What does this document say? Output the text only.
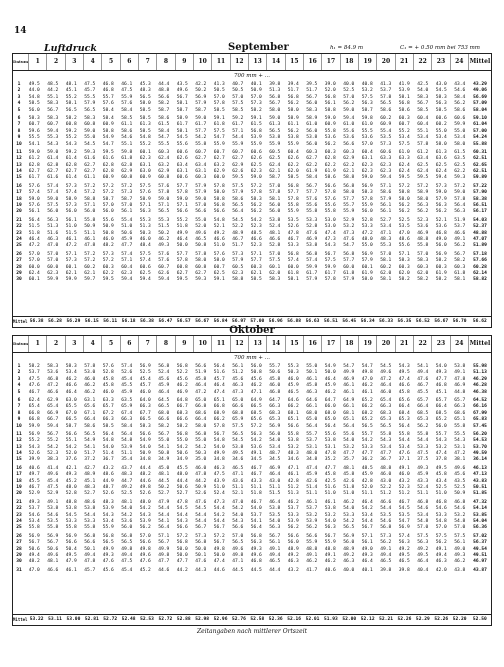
14
Luftdruck	September	h₁ = 84.9 m	C₁ = + 0.50 mm bei 753 mm
Datum	1	2	3	4	5	6	7	8	9	10	11	12	13	14	15	16	17	18	19	20	21	22	23	24	Mittel
700 mm + ...
1	49.5	48.5	48.1	47.5	46.8	46.1	45.3	44.4	43.5	42.2	41.3	40.7	40.1	39.8	39.4	39.5	39.0	40.0	40.8	41.3	41.9	42.5	43.0	43.4	43.29
2	44.0	44.2	45.1	45.7	46.8	47.5	48.3	48.8	49.6	50.2	50.5	50.5	50.9	51.3	51.7	51.7	52.0	52.5	53.2	53.7	53.9	54.0	54.5	54.6	49.06
3	54.8	55.1	55.2	55.5	55.7	55.9	56.5	56.6	56.7	56.9	57.0	57.0	57.0	56.8	56.8	56.7	56.8	57.0	57.5	57.8	58.1	58.3	58.3	58.4	56.69
4	58.5	58.3	58.1	57.9	57.6	57.6	58.0	58.2	58.1	57.9	57.8	57.5	57.3	56.7	56.2	56.0	56.1	56.2	56.3	56.5	56.8	56.7	56.3	56.2	57.09
5	56.0	56.7	56.5	56.5	58.4	58.4	58.5	58.7	58.7	58.7	58.5	58.5	58.2	58.0	58.0	58.3	58.8	59.0	58.7	58.6	58.6	58.5	58.5	58.6	58.04
6	58.3	58.3	58.2	58.3	58.4	58.5	58.5	58.6	58.9	59.0	59.1	59.2	59.1	59.0	58.9	58.9	59.0	59.4	59.8	60.2	60.3	60.4	60.6	60.6	59.10
7	60.7	60.7	60.8	60.8	60.9	61.1	61.3	61.5	61.7	61.7	61.8	61.7	61.5	61.3	61.1	61.0	60.9	61.0	61.0	60.9	60.7	60.4	60.2	59.9	61.04
8	59.6	59.4	59.2	59.0	58.8	58.6	58.5	58.4	58.1	57.7	57.5	57.1	56.8	56.5	56.2	56.0	55.8	55.6	55.5	55.4	55.2	55.1	55.0	55.0	57.00
9	55.5	55.3	55.2	55.0	54.9	54.6	54.8	54.7	54.5	54.2	54.7	54.4	53.9	53.8	53.8	53.8	53.6	53.6	53.6	53.5	53.4	53.4	53.4	53.4	54.24
10	54.1	54.3	54.3	54.5	54.7	55.1	55.2	55.5	55.6	55.8	55.9	55.9	55.9	55.9	55.9	56.0	56.2	56.6	57.0	57.3	57.5	57.8	58.0	58.0	55.88
11	59.0	59.0	59.2	59.3	59.5	59.8	60.1	60.3	60.6	60.7	60.7	60.7	60.6	60.5	60.4	60.3	60.3	60.3	60.4	60.6	61.0	61.2	61.3	61.5	60.31
12	61.2	61.4	61.4	61.6	61.6	61.8	62.3	62.4	62.6	62.7	62.7	62.7	62.6	62.5	62.6	62.7	62.8	62.9	63.1	63.3	63.3	63.4	63.6	63.5	62.51
13	62.8	62.8	62.8	62.7	62.8	62.8	63.1	63.2	63.4	63.4	63.2	62.9	62.5	62.4	62.2	62.2	62.2	62.2	62.3	62.3	62.4	62.5	62.5	62.5	62.65
14	62.7	62.7	62.7	62.7	62.8	62.9	63.0	62.9	63.1	63.1	62.9	62.6	62.3	62.1	62.0	61.9	61.9	62.1	62.3	62.3	62.4	62.4	62.4	62.2	62.51
15	61.7	61.6	61.4	61.1	60.9	60.8	60.9	60.8	60.6	60.3	60.0	59.5	59.0	58.7	58.5	58.4	58.6	58.8	59.0	59.4	59.5	59.5	59.4	59.3	59.89
16	57.6	57.4	57.3	57.2	57.2	57.2	57.5	57.6	57.7	57.9	57.8	57.5	57.2	57.0	56.8	56.7	56.6	56.8	56.9	57.1	57.2	57.2	57.3	57.2	57.22
17	57.4	57.4	57.4	57.2	57.2	57.3	57.6	57.8	57.8	57.9	58.0	57.9	57.8	57.8	57.7	57.7	57.8	58.0	58.3	58.6	58.8	58.9	59.0	59.0	57.90
18	59.0	59.0	58.9	58.8	58.7	58.7	58.9	59.0	59.0	59.0	58.8	58.6	58.3	58.1	57.8	57.6	57.6	57.7	57.8	57.9	58.0	58.0	57.9	57.8	58.38
19	57.6	57.5	57.3	57.1	57.0	57.0	57.1	57.1	57.1	57.0	56.8	56.5	56.2	56.0	55.8	55.6	55.6	55.7	55.9	56.1	56.2	56.3	56.3	56.4	56.51
20	56.1	56.0	56.0	56.0	56.0	56.1	56.3	56.5	56.6	56.6	56.6	56.4	56.2	56.0	55.9	55.8	55.8	55.9	56.0	56.1	56.2	56.2	56.2	56.3	56.17
21	56.4	56.3	56.1	55.8	55.6	55.4	55.3	55.3	55.2	55.0	54.8	54.5	54.2	53.8	53.5	53.3	53.0	52.9	52.8	52.7	52.5	52.3	52.1	51.9	54.03
22	51.5	51.3	51.0	50.9	50.9	51.0	51.3	51.5	51.8	52.0	52.1	52.2	52.3	52.4	52.6	52.8	53.0	53.2	53.3	53.4	53.5	53.6	53.6	53.7	52.37
23	51.8	51.6	51.5	51.1	50.8	50.6	50.3	50.2	49.9	49.6	49.2	48.9	48.5	48.1	47.8	47.6	47.4	47.3	47.2	47.1	47.0	46.9	46.8	46.6	48.88
24	46.4	46.3	46.1	46.1	46.0	45.9	46.0	46.2	46.4	46.5	46.6	46.7	46.6	46.6	46.7	46.9	47.3	47.6	48.0	48.3	48.6	48.8	49.0	49.1	47.07
25	47.2	47.0	47.2	47.8	48.2	47.7	48.4	49.3	50.0	50.8	51.0	51.7	52.3	52.8	53.3	53.8	54.3	54.7	55.0	55.3	55.6	55.8	56.0	56.2	51.89
26	57.0	57.0	57.1	57.2	57.3	57.4	57.5	57.6	57.7	57.8	57.6	57.3	57.1	57.0	56.8	56.8	56.7	56.8	56.9	57.0	57.1	57.0	56.9	56.7	57.18
27	57.0	57.0	57.3	57.2	57.2	57.1	57.4	57.6	57.8	58.0	58.0	57.9	57.7	57.5	57.4	57.4	57.5	57.7	57.9	58.1	58.3	58.3	58.2	58.2	57.66
28	60.0	60.0	60.1	60.2	60.3	60.4	60.6	60.7	60.8	60.8	60.7	60.5	60.3	60.1	60.0	59.9	59.9	60.0	60.1	60.2	60.3	60.3	60.3	60.3	60.28
29	62.4	62.3	62.1	62.1	62.2	62.3	62.5	62.6	62.7	62.7	62.5	62.3	62.1	62.0	61.8	61.7	61.7	61.8	61.9	62.0	62.0	62.0	61.9	61.8	62.14
30	60.1	59.9	59.9	59.7	59.5	59.4	59.4	59.4	59.5	59.3	59.1	58.8	58.5	58.3	58.1	57.9	57.8	57.9	58.0	58.1	58.2	58.2	58.2	58.1	58.82
Mittel 56.38 56.28 56.29 56.15 56.11 56.18 56.38 56.47 56.57 56.67 56.84 56.97 57.00 56.96 56.88 56.63 56.51 56.45 56.34 56.33 56.35 56.52 56.67 56.70	56.62
Oktober
Datum	1	2	3	4	5	6	7	8	9	10	11	12	13	14	15	16	17	18	19	20	21	22	23	24	Mittel
700 mm + ...
1	58.2	58.3	58.3	57.8	57.6	57.4	56.9	56.8	56.8	56.6	56.4	56.1	56.0	55.7	55.3	55.0	54.9	54.7	54.7	54.5	54.3	54.1	54.0	53.8	55.98
2	53.7	53.6	53.4	53.0	52.8	52.6	52.5	52.4	52.2	51.9	51.6	51.2	50.8	50.6	50.3	50.1	50.0	49.9	49.8	49.6	49.5	49.4	49.3	49.1	51.13
3	47.5	46.8	46.2	46.0	45.8	45.4	45.4	45.6	45.6	45.8	45.7	45.6	45.6	45.8	46.0	46.1	46.4	46.9	47.0	47.2	47.4	47.6	47.7	47.8	46.29
4	47.6	47.2	46.6	46.2	45.8	45.5	45.7	45.9	46.2	46.4	46.4	46.3	46.2	46.0	45.9	45.8	45.9	46.1	46.2	46.4	46.6	46.7	46.8	46.9	46.28
5	46.7	46.6	46.4	46.2	46.0	45.9	46.0	46.4	46.9	47.2	47.4	47.3	47.1	46.8	46.5	46.3	46.2	46.1	46.1	46.0	45.8	45.5	45.1	44.8	46.38
6	62.4	62.9	63.0	63.1	63.3	63.5	64.0	64.5	64.8	65.0	65.1	65.0	64.9	64.7	64.6	64.6	64.7	64.9	65.2	65.4	65.6	65.7	65.7	65.7	64.52
7	65.4	65.4	65.5	65.6	65.7	65.9	66.3	66.5	66.7	66.8	66.8	66.6	66.5	66.3	66.2	66.1	66.0	66.1	66.2	66.3	66.4	66.4	66.4	66.3	66.16
8	66.8	66.9	67.0	67.1	67.2	67.4	67.7	68.0	68.3	68.6	68.9	68.8	68.5	68.3	68.1	68.0	68.0	68.1	68.2	68.3	68.4	68.5	68.5	68.6	67.99
9	66.8	66.7	66.5	66.4	66.3	66.3	66.5	66.6	66.6	66.4	66.2	65.9	65.6	65.3	65.1	65.0	65.0	65.1	65.2	65.3	65.3	65.3	65.2	65.1	65.83
10	59.9	59.4	58.7	58.6	58.5	58.4	58.3	58.2	58.2	58.0	57.8	57.5	57.2	56.9	56.6	56.4	56.4	56.4	56.5	56.5	56.4	56.2	56.0	55.8	57.45
11	56.9	56.7	56.6	56.5	56.4	56.4	56.6	56.7	56.8	56.8	56.7	56.5	56.3	56.0	55.8	55.7	55.6	55.6	55.7	55.8	55.8	55.8	55.7	55.5	56.20
12	55.2	55.2	55.1	54.9	54.8	54.8	54.9	55.0	55.0	55.0	54.8	54.5	54.2	54.0	53.8	53.7	53.8	54.0	54.2	54.3	54.4	54.4	54.3	54.3	54.53
13	54.3	54.2	54.2	54.1	54.0	53.9	54.0	54.1	54.2	54.2	54.0	53.8	53.6	53.4	53.2	53.1	53.1	53.2	53.3	53.4	53.4	53.3	53.2	53.1	53.70
14	52.6	52.3	52.0	51.7	51.4	51.1	50.9	50.8	50.6	50.3	49.9	49.5	49.1	48.7	48.3	48.0	47.8	47.7	47.7	47.7	47.6	47.5	47.4	47.2	49.59
15	39.9	38.3	37.6	37.2	36.7	35.4	34.8	34.9	34.9	35.0	34.8	34.6	34.5	34.5	34.6	34.8	35.2	35.7	36.2	36.7	37.1	37.5	37.8	38.1	36.14
16	40.6	41.4	42.1	42.7	43.2	43.7	44.4	45.0	45.5	46.0	46.3	46.5	46.7	46.9	47.1	47.4	47.7	48.1	48.5	48.8	49.1	49.3	49.5	49.6	46.13
17	49.7	49.6	49.3	48.9	48.6	48.3	48.2	48.1	48.0	47.8	47.5	47.1	46.7	46.4	46.1	45.9	45.8	45.8	45.9	46.0	46.0	45.9	45.8	45.6	47.13
18	45.5	45.4	45.2	45.1	44.9	44.7	44.6	44.5	44.4	44.2	43.9	43.6	43.3	43.0	42.8	42.6	42.5	42.6	42.8	43.0	43.2	43.3	43.4	43.5	43.83
19	46.7	47.5	48.0	48.3	48.7	49.2	49.8	50.2	50.6	50.9	51.0	51.1	51.1	51.1	51.2	51.4	51.6	51.8	52.0	52.2	52.3	52.4	52.5	52.5	50.51
20	52.9	52.9	52.8	52.7	52.6	52.5	52.6	52.7	52.7	52.6	52.4	52.1	51.8	51.5	51.3	51.1	51.0	51.0	51.1	51.2	51.2	51.1	51.0	50.9	51.85
21	49.3	49.1	48.8	48.6	48.3	48.1	48.0	47.9	47.8	47.6	47.3	47.0	46.7	46.4	46.2	46.1	46.1	46.2	46.4	46.6	46.7	46.8	46.8	46.8	47.32
22	53.7	53.8	53.8	53.8	53.9	54.0	54.2	54.4	54.5	54.5	54.4	54.2	54.0	53.8	53.7	53.7	53.8	54.0	54.2	54.4	54.5	54.6	54.6	54.6	54.14
23	54.6	54.6	54.5	54.4	54.3	54.2	54.3	54.4	54.4	54.4	54.2	54.0	53.7	53.5	53.3	53.2	53.2	53.3	53.4	53.5	53.5	53.4	53.3	53.2	53.85
24	53.4	53.5	53.3	53.3	53.4	53.6	53.9	54.1	54.3	54.4	54.4	54.3	54.1	54.0	53.9	53.9	54.0	54.2	54.4	54.6	54.7	54.8	54.8	54.8	54.04
25	55.8	55.8	55.8	55.8	55.9	56.0	56.2	56.4	56.6	56.7	56.7	56.6	56.4	56.3	56.2	56.2	56.3	56.5	56.7	56.8	56.9	57.0	57.0	57.0	56.36
26	56.9	56.9	56.9	56.8	56.8	56.8	57.0	57.1	57.2	57.3	57.2	57.0	56.8	56.7	56.6	56.6	56.7	56.9	57.1	57.3	57.4	57.5	57.5	57.5	57.02
27	56.7	56.7	56.6	56.6	56.5	56.5	56.6	56.7	56.8	56.8	56.7	56.5	56.3	56.1	56.0	55.9	55.9	56.0	56.1	56.2	56.3	56.3	56.2	56.1	56.37
28	50.6	50.6	50.4	50.1	49.9	49.8	49.8	49.9	50.0	50.0	49.8	49.6	49.3	49.1	48.9	48.8	48.8	48.9	49.0	49.1	49.2	49.2	49.1	49.0	49.54
29	49.4	49.6	49.5	49.4	49.3	49.4	49.6	49.8	50.0	50.1	50.0	49.8	49.6	49.4	49.2	49.1	49.1	49.2	49.3	49.4	49.5	49.5	49.4	49.3	49.51
30	48.2	48.1	47.9	47.8	47.6	47.5	47.6	47.7	47.7	47.6	47.4	47.1	46.8	46.5	46.3	46.2	46.2	46.3	46.4	46.5	46.5	46.4	46.3	46.2	46.97
31	47.0	46.6	46.1	45.7	45.6	45.4	45.2	44.6	44.2	44.3	44.6	44.5	44.5	44.4	43.2	41.7	40.6	40.0	40.1	39.8	39.8	40.4	42.0	43.8	43.87
Mittel 53.22 53.11 53.00 52.81 52.72 52.48 52.53 52.72 52.88 52.98 52.96 52.76 52.58 52.36 52.16 52.01 51.93 52.00 52.12 52.21 52.26 52.29 52.26 52.20	52.50
Zeitangaben nach mittlerer Ortszeit
